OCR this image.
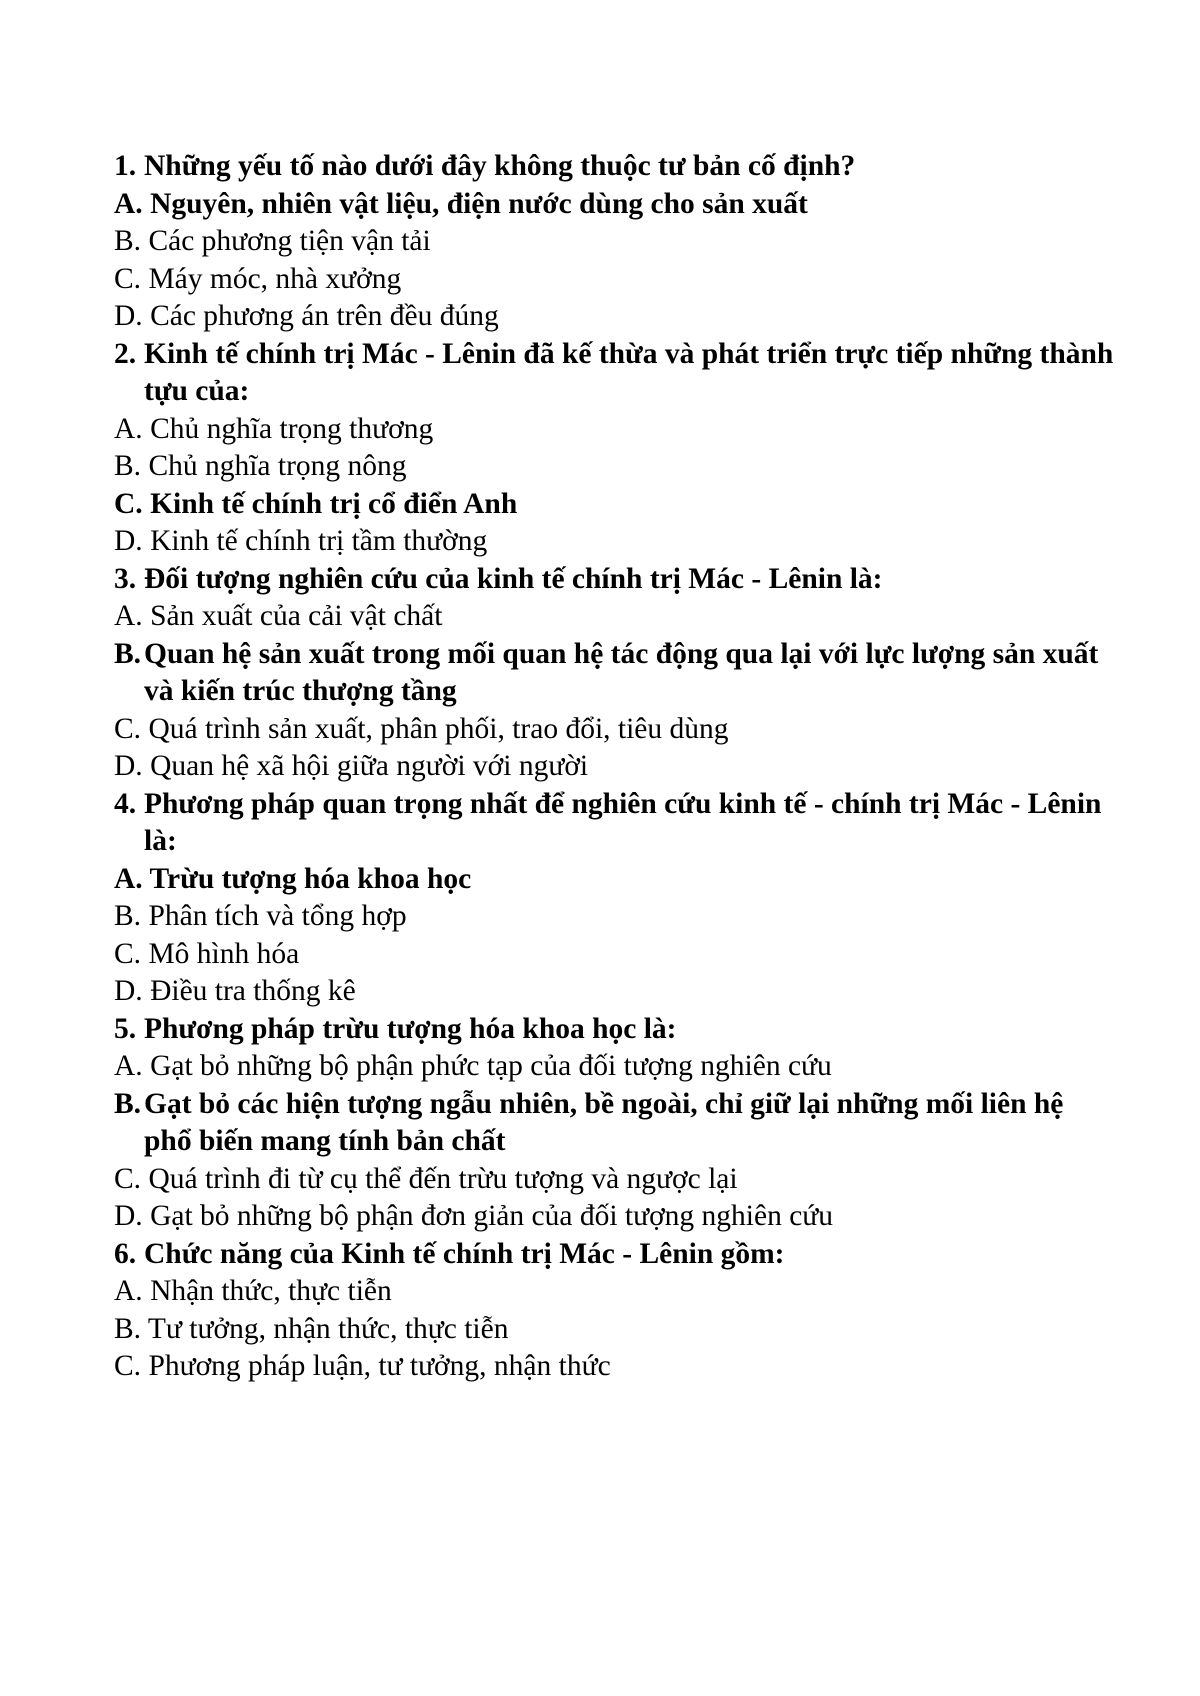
1. Những yếu tố nào dưới đây không thuộc tư bản cố định?
A. Nguyên, nhiên vật liệu, điện nước dùng cho sản xuất
B. Các phương tiện vận tải
C. Máy móc, nhà xưởng
D. Các phương án trên đều đúng
2. Kinh tế chính trị Mác - Lênin đã kế thừa và phát triển trực tiếp những thành tựu của:
A. Chủ nghĩa trọng thương
B. Chủ nghĩa trọng nông
C. Kinh tế chính trị cổ điển Anh
D. Kinh tế chính trị tầm thường
3. Đối tượng nghiên cứu của kinh tế chính trị Mác - Lênin là:
A. Sản xuất của cải vật chất
B. Quan hệ sản xuất trong mối quan hệ tác động qua lại với lực lượng sản xuất và kiến trúc thượng tầng
C. Quá trình sản xuất, phân phối, trao đổi, tiêu dùng
D. Quan hệ xã hội giữa người với người
4. Phương pháp quan trọng nhất để nghiên cứu kinh tế - chính trị Mác - Lênin là:
A. Trừu tượng hóa khoa học
B. Phân tích và tổng hợp
C. Mô hình hóa
D. Điều tra thống kê
5. Phương pháp trừu tượng hóa khoa học là:
A. Gạt bỏ những bộ phận phức tạp của đối tượng nghiên cứu
B. Gạt bỏ các hiện tượng ngẫu nhiên, bề ngoài, chỉ giữ lại những mối liên hệ phổ biến mang tính bản chất
C. Quá trình đi từ cụ thể đến trừu tượng và ngược lại
D. Gạt bỏ những bộ phận đơn giản của đối tượng nghiên cứu
6. Chức năng của Kinh tế chính trị Mác - Lênin gồm:
A. Nhận thức, thực tiễn
B. Tư tưởng, nhận thức, thực tiễn
C. Phương pháp luận, tư tưởng, nhận thức
